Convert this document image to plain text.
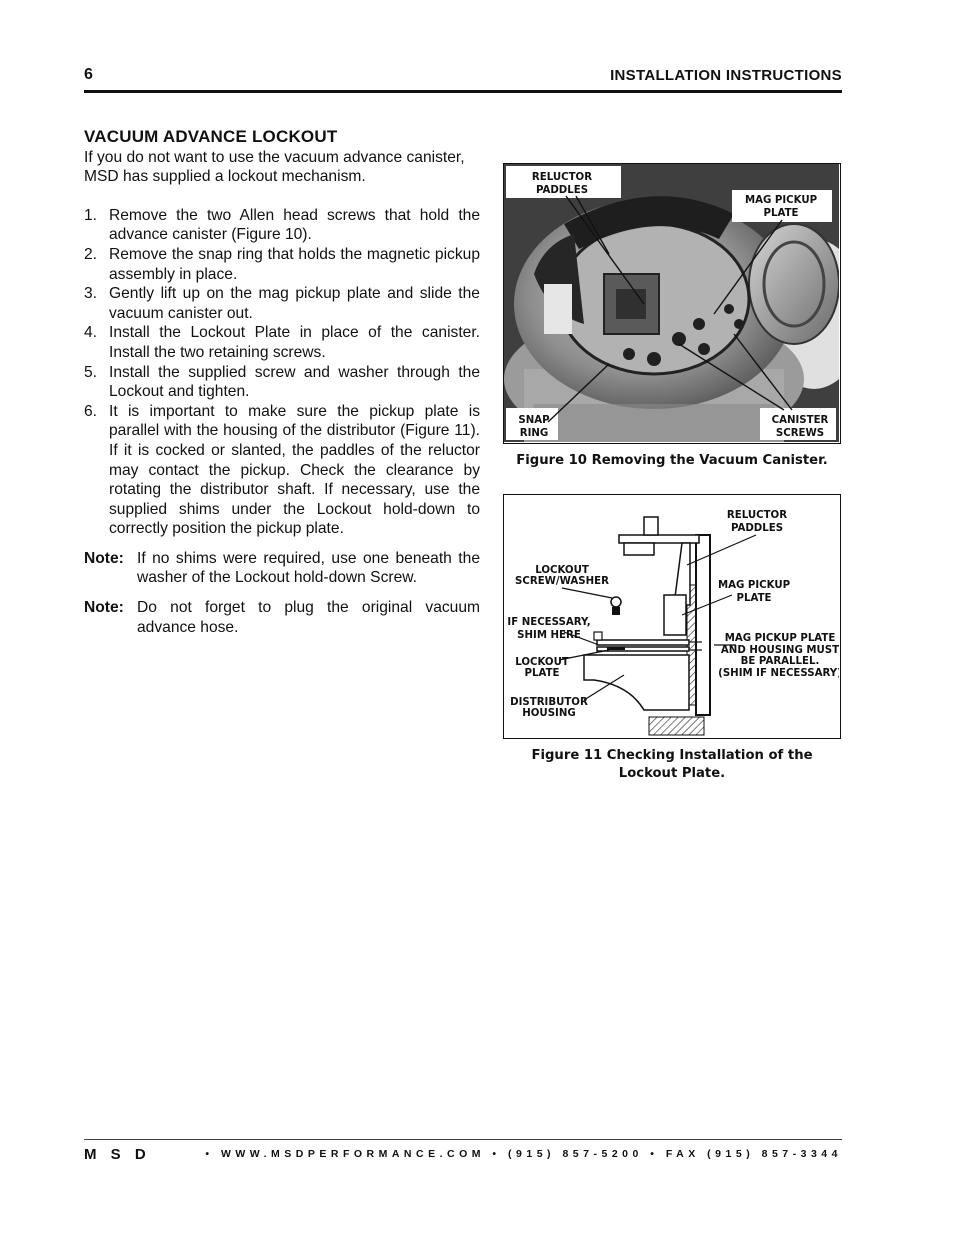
6	INSTALLATION INSTRUCTIONS
VACUUM ADVANCE LOCKOUT

If you do not want to use the vacuum advance canister, MSD has supplied a lockout mechanism.

1. Remove the two Allen head screws that hold the advance canister (Figure 10).
2. Remove the snap ring that holds the magnetic pickup assembly in place.
3. Gently lift up on the mag pickup plate and slide the vacuum canister out.
4. Install the Lockout Plate in place of the canister. Install the two retaining screws.
5. Install the supplied screw and washer through the Lockout and tighten.
6. It is important to make sure the pickup plate is parallel with the housing of the distributor (Figure 11). If it is cocked or slanted, the paddles of the reluctor may contact the pickup. Check the clearance by rotating the distributor shaft. If necessary, use the supplied shims under the Lockout hold-down to correctly position the pickup plate.
Note: If no shims were required, use one beneath the washer of the Lockout hold-down Screw.
Note: Do not forget to plug the original vacuum advance hose.
RELUCTOR
PADDLES
MAG PICKUP
PLATE
SNAP
RING
CANISTER
SCREWS
Figure 10 Removing the Vacuum Canister.
RELUCTOR
PADDLES
LOCKOUT
SCREW/WASHER	MAG PICKUP
PLATE
IF NECESSARY,
SHIM HERE	MAG PICKUP PLATE
AND HOUSING MUST
BE PARALLEL.
(SHIM IF NECESSARY)
LOCKOUT
PLATE
DISTRIBUTOR
HOUSING
Figure 11 Checking Installation of the Lockout Plate.
M S D	• WWW.MSDPERFORMANCE.COM • (915) 857-5200 • FAX (915) 857-3344
